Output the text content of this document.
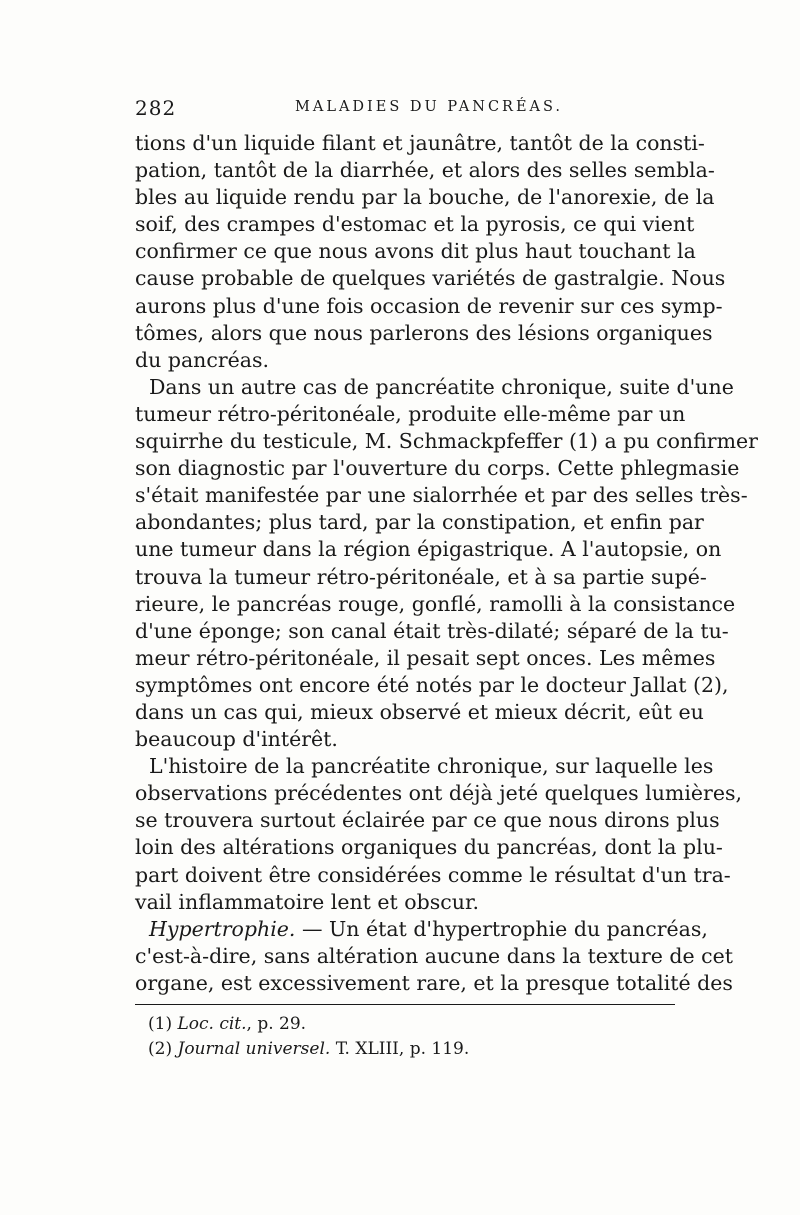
282	MALADIES DU PANCRÉAS.

tions d'un liquide filant et jaunâtre, tantôt de la consti-
pation, tantôt de la diarrhée, et alors des selles sembla-
bles au liquide rendu par la bouche, de l'anorexie, de la
soif, des crampes d'estomac et la pyrosis, ce qui vient
confirmer ce que nous avons dit plus haut touchant la
cause probable de quelques variétés de gastralgie. Nous
aurons plus d'une fois occasion de revenir sur ces symp-
tômes, alors que nous parlerons des lésions organiques
du pancréas.

Dans un autre cas de pancréatite chronique, suite d'une
tumeur rétro-péritonéale, produite elle-même par un
squirrhe du testicule, M. Schmackpfeffer (1) a pu confirmer
son diagnostic par l'ouverture du corps. Cette phlegmasie
s'était manifestée par une sialorrhée et par des selles très-
abondantes; plus tard, par la constipation, et enfin par
une tumeur dans la région épigastrique. A l'autopsie, on
trouva la tumeur rétro-péritonéale, et à sa partie supé-
rieure, le pancréas rouge, gonflé, ramolli à la consistance
d'une éponge; son canal était très-dilaté; séparé de la tu-
meur rétro-péritonéale, il pesait sept onces. Les mêmes
symptômes ont encore été notés par le docteur Jallat (2),
dans un cas qui, mieux observé et mieux décrit, eût eu
beaucoup d'intérêt.

L'histoire de la pancréatite chronique, sur laquelle les
observations précédentes ont déjà jeté quelques lumières,
se trouvera surtout éclairée par ce que nous dirons plus
loin des altérations organiques du pancréas, dont la plu-
part doivent être considérées comme le résultat d'un tra-
vail inflammatoire lent et obscur.

Hypertrophie. — Un état d'hypertrophie du pancréas,
c'est-à-dire, sans altération aucune dans la texture de cet
organe, est excessivement rare, et la presque totalité des

(1) Loc. cit., p. 29.
(2) Journal universel. T. XLIII, p. 119.
